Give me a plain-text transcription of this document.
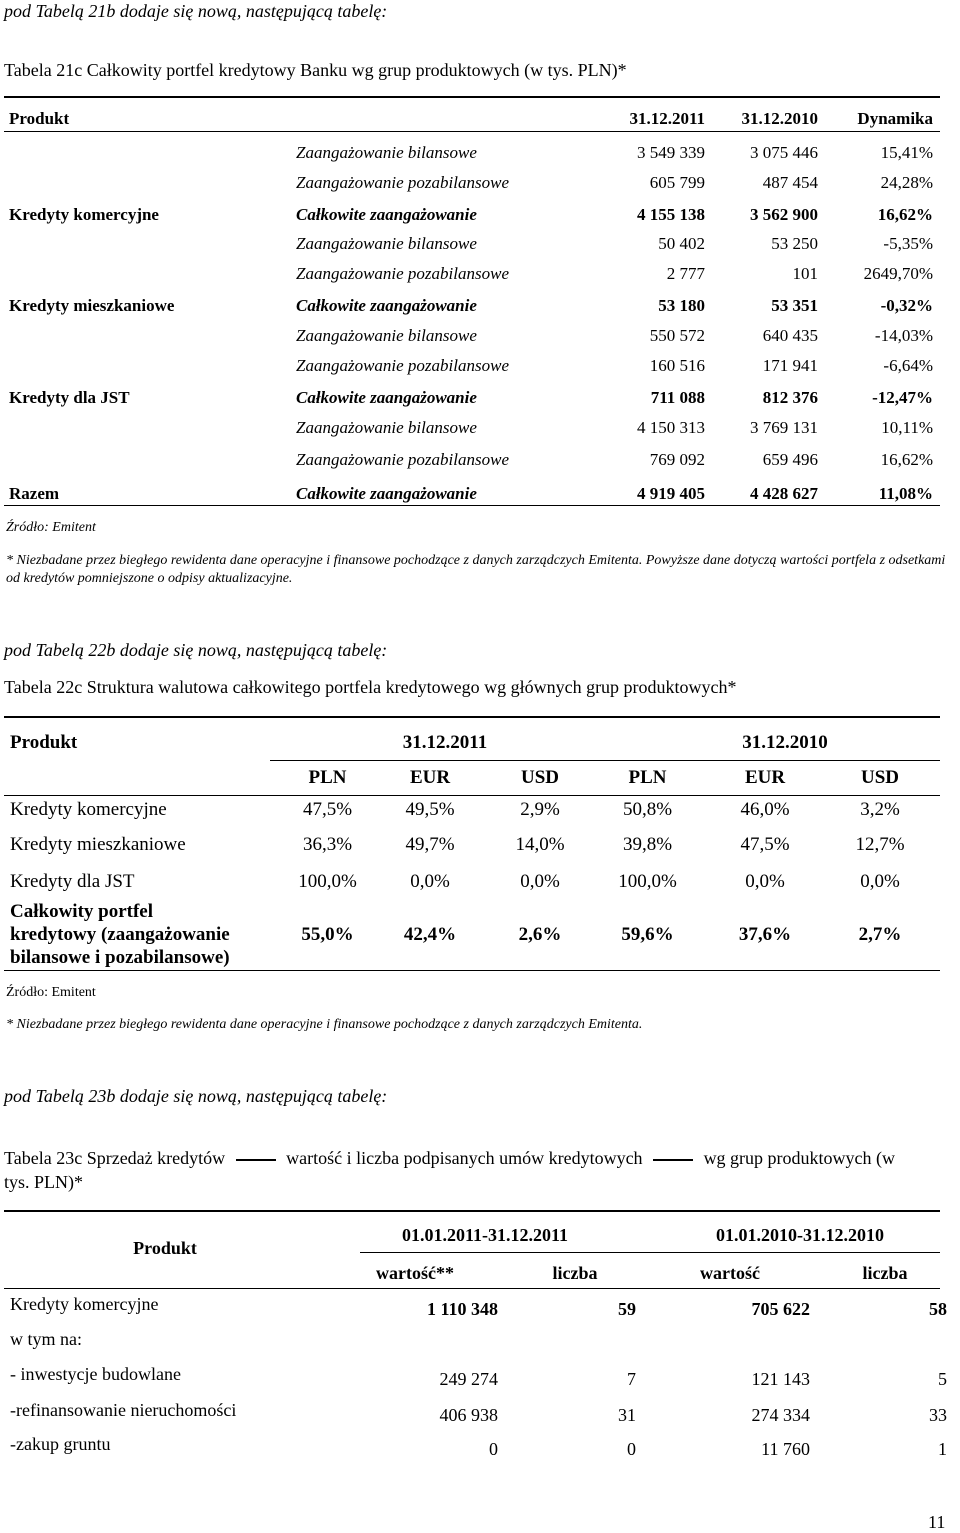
pod Tabelą 21b dodaje się nową, następującą tabelę:
Tabela 21c Całkowity portfel kredytowy Banku wg grup produktowych (w tys. PLN)*
Produkt	31.12.2011	31.12.2010	Dynamika
Zaangażowanie bilansowe	3 549 339	3 075 446	15,41%
Zaangażowanie pozabilansowe	605 799	487 454	24,28%
Kredyty komercyjne	Całkowite zaangażowanie	4 155 138	3 562 900	16,62%
Zaangażowanie bilansowe	50 402	53 250	-5,35%
Zaangażowanie pozabilansowe	2 777	101	2649,70%
Kredyty mieszkaniowe	Całkowite zaangażowanie	53 180	53 351	-0,32%
Zaangażowanie bilansowe	550 572	640 435	-14,03%
Zaangażowanie pozabilansowe	160 516	171 941	-6,64%
Kredyty dla JST	Całkowite zaangażowanie	711 088	812 376	-12,47%
Zaangażowanie bilansowe	4 150 313	3 769 131	10,11%
Zaangażowanie pozabilansowe	769 092	659 496	16,62%
Razem	Całkowite zaangażowanie	4 919 405	4 428 627	11,08%
Źródło: Emitent
* Niezbadane przez biegłego rewidenta dane operacyjne i finansowe pochodzące z danych zarządczych Emitenta. Powyższe dane dotyczą wartości portfela z odsetkami od kredytów pomniejszone o odpisy aktualizacyjne.
pod Tabelą 22b dodaje się nową, następującą tabelę:
Tabela 22c Struktura walutowa całkowitego portfela kredytowego wg głównych grup produktowych*
Produkt	31.12.2011	31.12.2010
PLN	EUR	USD	PLN	EUR	USD
Kredyty komercyjne	47,5%	49,5%	2,9%	50,8%	46,0%	3,2%
Kredyty mieszkaniowe	36,3%	49,7%	14,0%	39,8%	47,5%	12,7%
Kredyty dla JST	100,0%	0,0%	0,0%	100,0%	0,0%	0,0%
Całkowity portfel
kredytowy (zaangażowanie
bilansowe i pozabilansowe)
55,0%	42,4%	2,6%	59,6%	37,6%	2,7%
Źródło: Emitent
* Niezbadane przez biegłego rewidenta dane operacyjne i finansowe pochodzące z danych zarządczych Emitenta.
pod Tabelą 23b dodaje się nową, następującą tabelę:
Tabela 23c Sprzedaż kredytów	wartość i liczba podpisanych umów kredytowych	wg grup produktowych (w
tys. PLN)*
Produkt
01.01.2011-31.12.2011	01.01.2010-31.12.2010
wartość**	liczba	wartość	liczba
Kredyty komercyjne	1 110 348	59	705 622	58
w tym na:
- inwestycje budowlane	249 274	7	121 143	5
-refinansowanie nieruchomości	406 938	31	274 334	33
-zakup gruntu	0	0	11 760	1
11
